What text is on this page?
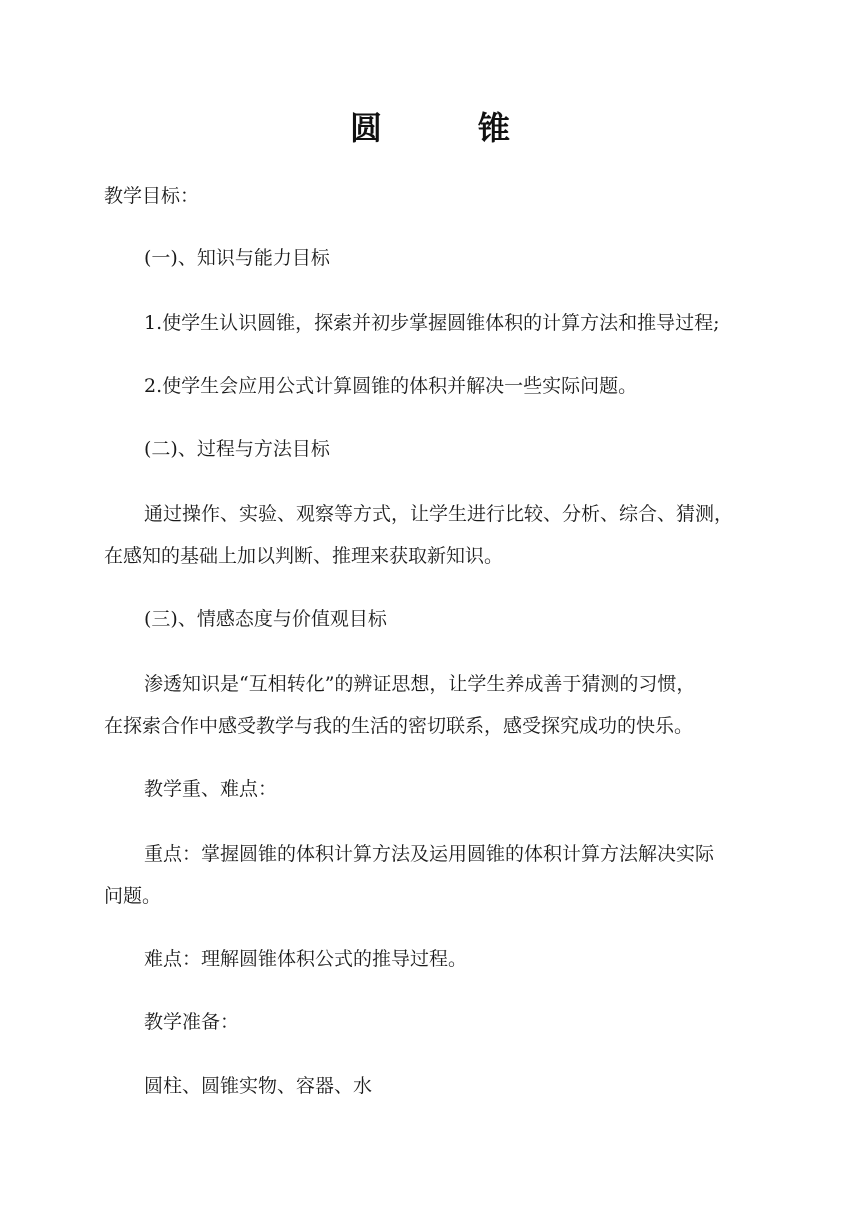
圆　锥
教学目标：
(一)、知识与能力目标
1.使学生认识圆锥，探索并初步掌握圆锥体积的计算方法和推导过程;
2.使学生会应用公式计算圆锥的体积并解决一些实际问题。
(二)、过程与方法目标
通过操作、实验、观察等方式，让学生进行比较、分析、综合、猜测，
在感知的基础上加以判断、推理来获取新知识。
(三)、情感态度与价值观目标
渗透知识是“互相转化”的辨证思想，让学生养成善于猜测的习惯，
在探索合作中感受教学与我的生活的密切联系，感受探究成功的快乐。
教学重、难点：
重点：掌握圆锥的体积计算方法及运用圆锥的体积计算方法解决实际
问题。
难点：理解圆锥体积公式的推导过程。
教学准备：
圆柱、圆锥实物、容器、水
